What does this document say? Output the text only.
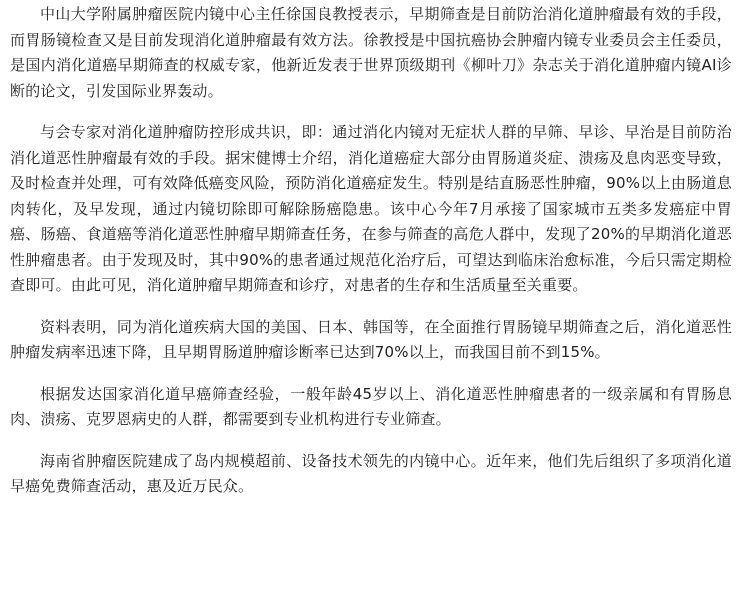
中山大学附属肿瘤医院内镜中心主任徐国良教授表示，早期筛查是目前防治消化道肿瘤最有效的手段，而胃肠镜检查又是目前发现消化道肿瘤最有效方法。徐教授是中国抗癌协会肿瘤内镜专业委员会主任委员，是国内消化道癌早期筛查的权威专家，他新近发表于世界顶级期刊《柳叶刀》杂志关于消化道肿瘤内镜AI诊断的论文，引发国际业界轰动。

与会专家对消化道肿瘤防控形成共识，即：通过消化内镜对无症状人群的早筛、早诊、早治是目前防治消化道恶性肿瘤最有效的手段。据宋健博士介绍，消化道癌症大部分由胃肠道炎症、溃疡及息肉恶变导致，及时检查并处理，可有效降低癌变风险，预防消化道癌症发生。特别是结直肠恶性肿瘤，90%以上由肠道息肉转化，及早发现，通过内镜切除即可解除肠癌隐患。该中心今年7月承接了国家城市五类多发癌症中胃癌、肠癌、食道癌等消化道恶性肿瘤早期筛查任务，在参与筛查的高危人群中，发现了20%的早期消化道恶性肿瘤患者。由于发现及时，其中90%的患者通过规范化治疗后，可望达到临床治愈标准，今后只需定期检查即可。由此可见，消化道肿瘤早期筛查和诊疗，对患者的生存和生活质量至关重要。

资料表明，同为消化道疾病大国的美国、日本、韩国等，在全面推行胃肠镜早期筛查之后，消化道恶性肿瘤发病率迅速下降，且早期胃肠道肿瘤诊断率已达到70%以上，而我国目前不到15%。

根据发达国家消化道早癌筛查经验，一般年龄45岁以上、消化道恶性肿瘤患者的一级亲属和有胃肠息肉、溃疡、克罗恩病史的人群，都需要到专业机构进行专业筛查。

海南省肿瘤医院建成了岛内规模超前、设备技术领先的内镜中心。近年来，他们先后组织了多项消化道早癌免费筛查活动，惠及近万民众。
